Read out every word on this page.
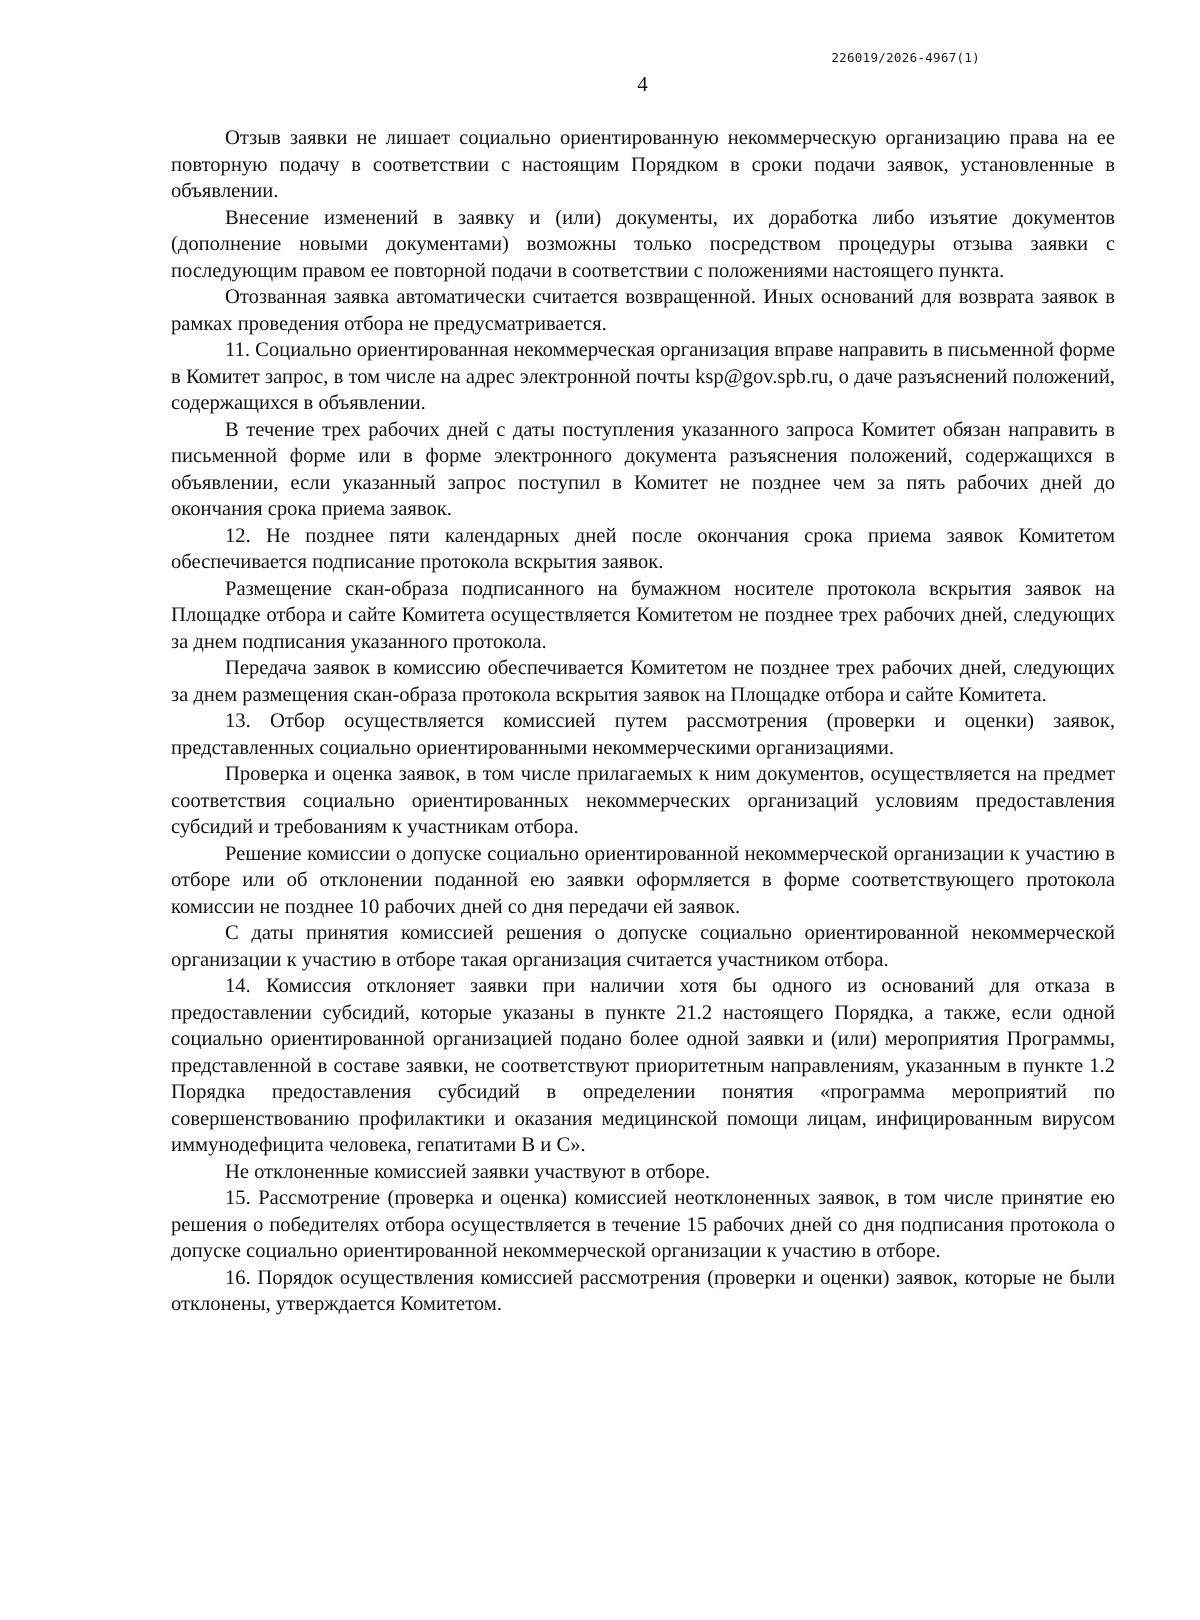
226019/2026-4967(1)
4

Отзыв заявки не лишает социально ориентированную некоммерческую организацию права на ее повторную подачу в соответствии с настоящим Порядком в сроки подачи заявок, установленные в объявлении.

Внесение изменений в заявку и (или) документы, их доработка либо изъятие документов (дополнение новыми документами) возможны только посредством процедуры отзыва заявки с последующим правом ее повторной подачи в соответствии с положениями настоящего пункта.

Отозванная заявка автоматически считается возвращенной. Иных оснований для возврата заявок в рамках проведения отбора не предусматривается.

11. Социально ориентированная некоммерческая организация вправе направить в письменной форме в Комитет запрос, в том числе на адрес электронной почты ksp@gov.spb.ru, о даче разъяснений положений, содержащихся в объявлении.

В течение трех рабочих дней с даты поступления указанного запроса Комитет обязан направить в письменной форме или в форме электронного документа разъяснения положений, содержащихся в объявлении, если указанный запрос поступил в Комитет не позднее чем за пять рабочих дней до окончания срока приема заявок.

12. Не позднее пяти календарных дней после окончания срока приема заявок Комитетом обеспечивается подписание протокола вскрытия заявок.

Размещение скан-образа подписанного на бумажном носителе протокола вскрытия заявок на Площадке отбора и сайте Комитета осуществляется Комитетом не позднее трех рабочих дней, следующих за днем подписания указанного протокола.

Передача заявок в комиссию обеспечивается Комитетом не позднее трех рабочих дней, следующих за днем размещения скан-образа протокола вскрытия заявок на Площадке отбора и сайте Комитета.

13. Отбор осуществляется комиссией путем рассмотрения (проверки и оценки) заявок, представленных социально ориентированными некоммерческими организациями.

Проверка и оценка заявок, в том числе прилагаемых к ним документов, осуществляется на предмет соответствия социально ориентированных некоммерческих организаций условиям предоставления субсидий и требованиям к участникам отбора.

Решение комиссии о допуске социально ориентированной некоммерческой организации к участию в отборе или об отклонении поданной ею заявки оформляется в форме соответствующего протокола комиссии не позднее 10 рабочих дней со дня передачи ей заявок.

С даты принятия комиссией решения о допуске социально ориентированной некоммерческой организации к участию в отборе такая организация считается участником отбора.

14. Комиссия отклоняет заявки при наличии хотя бы одного из оснований для отказа в предоставлении субсидий, которые указаны в пункте 21.2 настоящего Порядка, а также, если одной социально ориентированной организацией подано более одной заявки и (или) мероприятия Программы, представленной в составе заявки, не соответствуют приоритетным направлениям, указанным в пункте 1.2 Порядка предоставления субсидий в определении понятия «программа мероприятий по совершенствованию профилактики и оказания медицинской помощи лицам, инфицированным вирусом иммунодефицита человека, гепатитами B и C».

Не отклоненные комиссией заявки участвуют в отборе.

15. Рассмотрение (проверка и оценка) комиссией неотклоненных заявок, в том числе принятие ею решения о победителях отбора осуществляется в течение 15 рабочих дней со дня подписания протокола о допуске социально ориентированной некоммерческой организации к участию в отборе.

16. Порядок осуществления комиссией рассмотрения (проверки и оценки) заявок, которые не были отклонены, утверждается Комитетом.
